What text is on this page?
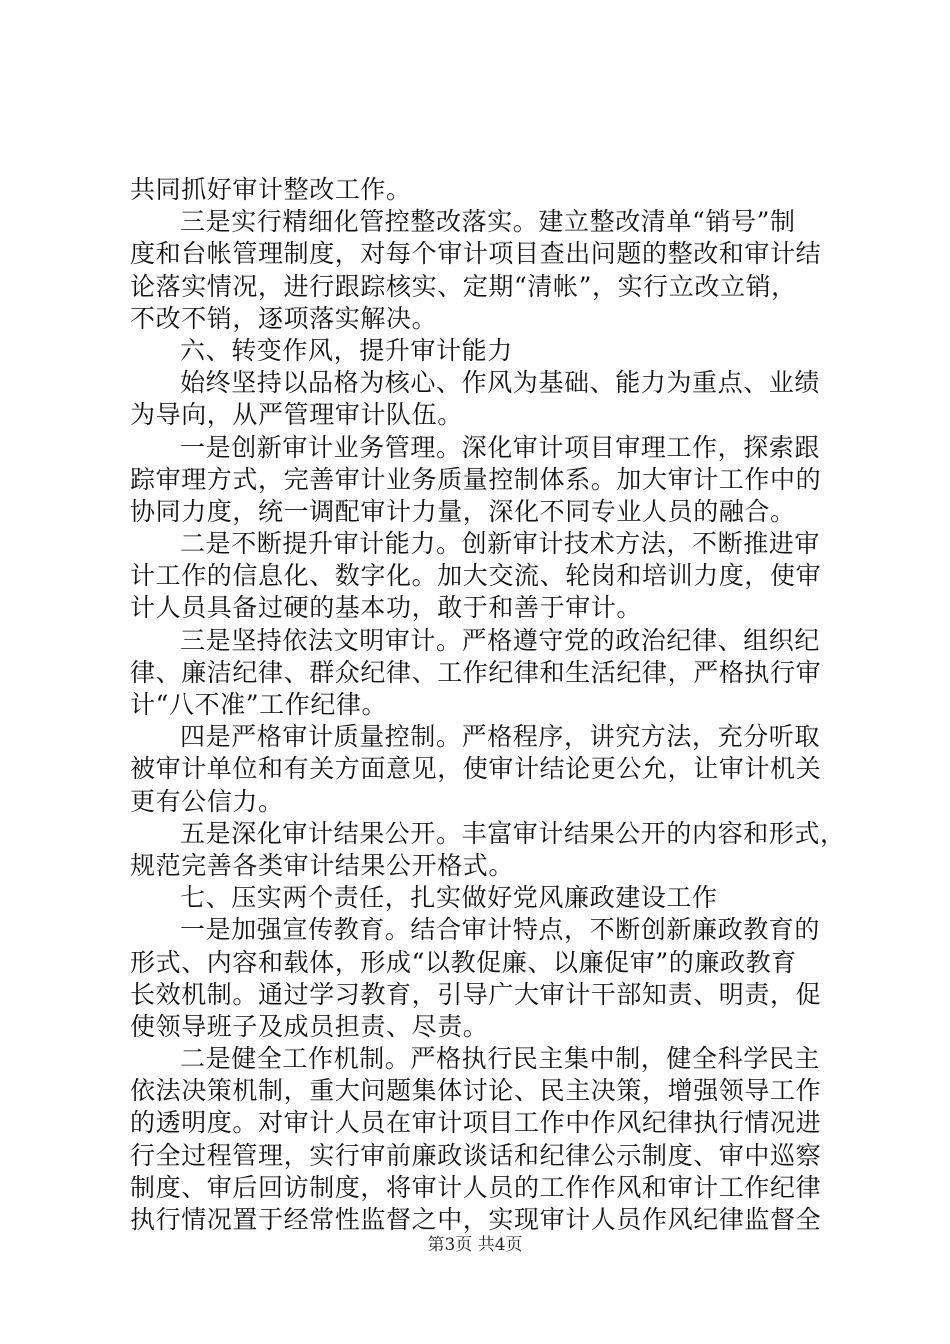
共同抓好审计整改工作。
三是实行精细化管控整改落实。建立整改清单“销号”制
度和台帐管理制度，对每个审计项目查出问题的整改和审计结
论落实情况，进行跟踪核实、定期“清帐”，实行立改立销，
不改不销，逐项落实解决。
六、转变作风，提升审计能力
始终坚持以品格为核心、作风为基础、能力为重点、业绩
为导向，从严管理审计队伍。
一是创新审计业务管理。深化审计项目审理工作，探索跟
踪审理方式，完善审计业务质量控制体系。加大审计工作中的
协同力度，统一调配审计力量，深化不同专业人员的融合。
二是不断提升审计能力。创新审计技术方法，不断推进审
计工作的信息化、数字化。加大交流、轮岗和培训力度，使审
计人员具备过硬的基本功，敢于和善于审计。
三是坚持依法文明审计。严格遵守党的政治纪律、组织纪
律、廉洁纪律、群众纪律、工作纪律和生活纪律，严格执行审
计“八不准”工作纪律。
四是严格审计质量控制。严格程序，讲究方法，充分听取
被审计单位和有关方面意见，使审计结论更公允，让审计机关
更有公信力。
五是深化审计结果公开。丰富审计结果公开的内容和形式，
规范完善各类审计结果公开格式。
七、压实两个责任，扎实做好党风廉政建设工作
一是加强宣传教育。结合审计特点，不断创新廉政教育的
形式、内容和载体，形成“以教促廉、以廉促审”的廉政教育
长效机制。通过学习教育，引导广大审计干部知责、明责，促
使领导班子及成员担责、尽责。
二是健全工作机制。严格执行民主集中制，健全科学民主
依法决策机制，重大问题集体讨论、民主决策，增强领导工作
的透明度。对审计人员在审计项目工作中作风纪律执行情况进
行全过程管理，实行审前廉政谈话和纪律公示制度、审中巡察
制度、审后回访制度，将审计人员的工作作风和审计工作纪律
执行情况置于经常性监督之中，实现审计人员作风纪律监督全
第3页 共4页
